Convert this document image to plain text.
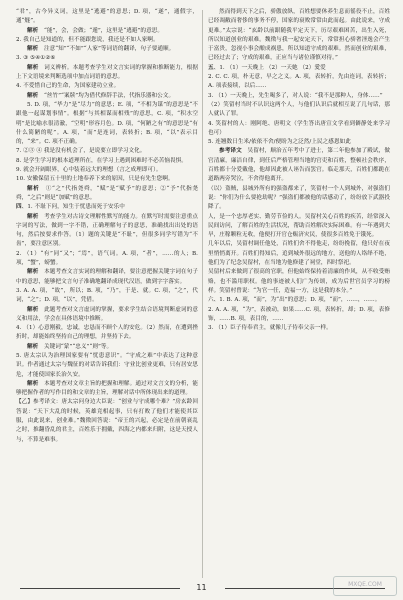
“君”，古今异义词，这里是“逃避”的意思；D. 项，“遂”，通假字，通“燧”。

解析　 “能”，会，会做；“遁”，这里是“逃避”的意思。

2. 我自己是知道的，但不能跟您说，我还是不如人家啊。

解析　 注意“知”“不如”“人家”等词语的翻译，句子要通顺。

3. ③ ⑤④①②⑥

解析　 词义辨析。本题考查学生对文言实词的掌握和推断能力，根据上下文语境来判断选项中加点词语的意思。

4. 不爱惜自己的生命，为国家建功立业。

解析　 “丝竹”“案牍”均为借代修辞手法，代指乐器和公文。

5. D. 项，“毕力”是“尽力”的意思；E. 项，“不相为谋”的意思是“不跟他一起谋划事情”。根据“与其相谋而相残”的意思，C. 项，“积水空明”是比喻水很清澈，“空明”形容月色。D. 项，“何陋之有”的意思是“有什么简陋的呢”。A. 项，“而”是连词，表转折；B. 项，“以”表示目的，“来”。C. 项不正确。

7. ②③ ④ 我是没有机会了，是说要立即学习文化。

8. 是学生学习的根本道理所在，在学习上遇到困难时不必苦恼畏惧。

9. 就会开阔眼界，心中装着远大的理想（言之成理即可）。

10. 安徽保留五十里的土地奉养下来的原因，只是有先生您啊。

解析　 ①“之”代指尧舜，“赋”是“赋予”的意思；②“予”代指尧舜，“之后”则是“加赋”的意思。

四、1. 不耻下问，知生于忧患而死于安乐中

解析　 考查学生对古诗文理解性默写的能力。在默写时需要注意重点字词的写法，做到一字不错，正确理解句子的意思，准确找出出处的语句，然后按要求作答。（1）题的关键是“不耻”，但很多同学写错为“不齿”，要注意区别。

2. （1）“有”同“又”；“焉”，语气词。A. 项，“者”，……的人；B. 项，“蟹”，螃蟹。

解析　 本题考查文言实词的理解和翻译，要注意把握关键字词在句子中的意思，能够把文言句子准确地翻译成现代汉语，做到字字落实。

3. A. A. 项，“故”，所以；B. 项，“乃”，于是、就。C. 项，“之”，代词，“之”；D. 项，“以”，凭借。

解析　 此题考查对文言虚词的掌握，要求学生结合语境判断虚词的意义和用法，学会在具体语境中推断。

4. （1）心意刚毅，忠诚，忠恳而不顾个人的安危。（2）然而，在遭到挫折时，却能始终坚持自己的理想，并坚持下去。

解析　 关键词“蒙”“忠义”“则”等。

5. 唐太宗认为治理国家要有“忧患意识”。“守成之难”中表达了这种意识。作者通过太宗与魏征的对话告诉我们：守业比创业更难，只有居安思危，才能使国家长治久安。

解析　 本题考查对文章主旨的把握和理解。通过对文言文的分析，能够把握作者的写作目的和文章的主旨，理解对话中所体现出来的道理。

【乙】参考译文：唐太宗问身边大臣说：“创业与守成哪个难？”房玄龄回答说：“天下大乱的时候，英雄竞相起事，只有打败了他们才能使其臣服，由此说来，创业难。”魏徵回答说：“帝王的兴起，必定是在前朝衰乱之时，推翻昏乱的君主，百姓乐于拥戴，四海之内都来归附，这是天授人与，不算是难事。

然而得到天下之后，骄傲放纵，百姓想要休养生息而徭役不止，百姓已经凋敝而奢侈的事务不停，国家的衰败常常由此而起。由此说来，守成更难。”太宗说：“玄龄以前跟随我平定天下，历尽艰难困苦，出生入死，所以知道创业的艰难。魏徵与我一起安定天下，常常担心骄奢淫逸会产生于富贵，忽视小事会酿成祸患，所以知道守成的艰难。然而创业的艰难，已经过去了；守成的艰难，正应当与诸位谨慎对待。”

五、1. （1）一天晚上 （2）一天她 （2）愛爱

2. C. C. 项，朴无意，早之之义。A. 项，表转折，先由连词，表转折；A. 项表接续，以后……

3. （1）一天晚上，先生喝多了，对人说：“我不是那种人，身体……”

（2）笑留村当时不认识这两个人，与他们认识后就相互说了几句话，那人就认了罪。

4. 笑留村的人：刚阿绝、唐明文（学生答出唐宣文学看到僻静处来学习也可）

5. 连翘数日生米/依依不舍/便盼为之泛然/上民之感恩如此

参考译文　 吴留村，顺治五年考中了进士，第二年他参加了殿试，做官清廉，廉洁自律，到任后严格管理当地的官吏和百姓，整顿社会秩序，百姓都十分爱戴他，他却因此被人诬告而罢官。临走那天，百姓们都跪在道路两旁哭泣，不舍得他离开。

（以）盗贼，县城外所有的强盗都来了，笑留村一个人到城外，对强盗们说：“你们为什么要抢劫呢？”强盗们都被他的话感动了，纷纷放下武器投降了。

人，是一个忠厚老实、勤劳节俭的人。吴留村关心百姓的疾苦，经常深入民间访问，了解百姓的生活状况，帮助百姓解决实际困难。有一年遇到大旱，庄稼颗粒无收，他便打开官仓赈济灾民，使很多百姓免于饿死。

几年以后，吴留村调任他处，百姓们舍不得他走，纷纷挽留，他只好在夜里悄悄离开。百姓们得知后，追到城外很远的地方，送他的人络绎不绝，他们为了纪念吴留村，在当地为他修建了祠堂，四时祭祀。

吴留村后来做到了很高的官职，但他始终保持着清廉的作风，从不收受贿赂，也不滥用职权。他的事迹被人们广为传颂，成为后世官员学习的榜样。笑留村曾说：“为官一任，造福一方，这是我的本分。”

六、1. B. A. 项，“而”，为“出”的意思；D. 项，“而”，……，……。

2. A. A. 项，“为”，表被动，如果……C. 项，表转折，却；D. 项，表修饰，……B. 项，表目的，……

3. （1）臣子侍奉君主，就像儿子侍奉父亲一样。

11	MXQE.COM
